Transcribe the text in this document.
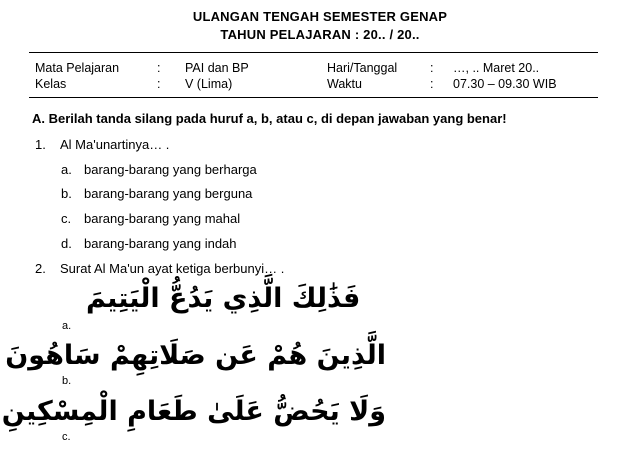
ULANGAN TENGAH SEMESTER GENAP
TAHUN PELAJARAN : 20.. / 20..
Mata Pelajaran	: PAI dan BP	Hari/Tanggal	: …, .. Maret 20..
Kelas	: V (Lima)	Waktu	: 07.30 – 09.30 WIB
A. Berilah tanda silang pada huruf a, b, atau c, di depan jawaban yang benar!
1. Al Ma'unartinya… .
a. barang-barang yang berharga
b. barang-barang yang berguna
c. barang-barang yang mahal
d. barang-barang yang indah
2. Surat Al Ma'un ayat ketiga berbunyi… .
a.
فَذَٰلِكَ الَّذِي يَدُعُّ الْيَتِيمَ
b.
الَّذِينَ هُمْ عَن صَلَاتِهِمْ سَاهُونَ
c.
وَلَا يَحُضُّ عَلَىٰ طَعَامِ الْمِسْكِينِ
